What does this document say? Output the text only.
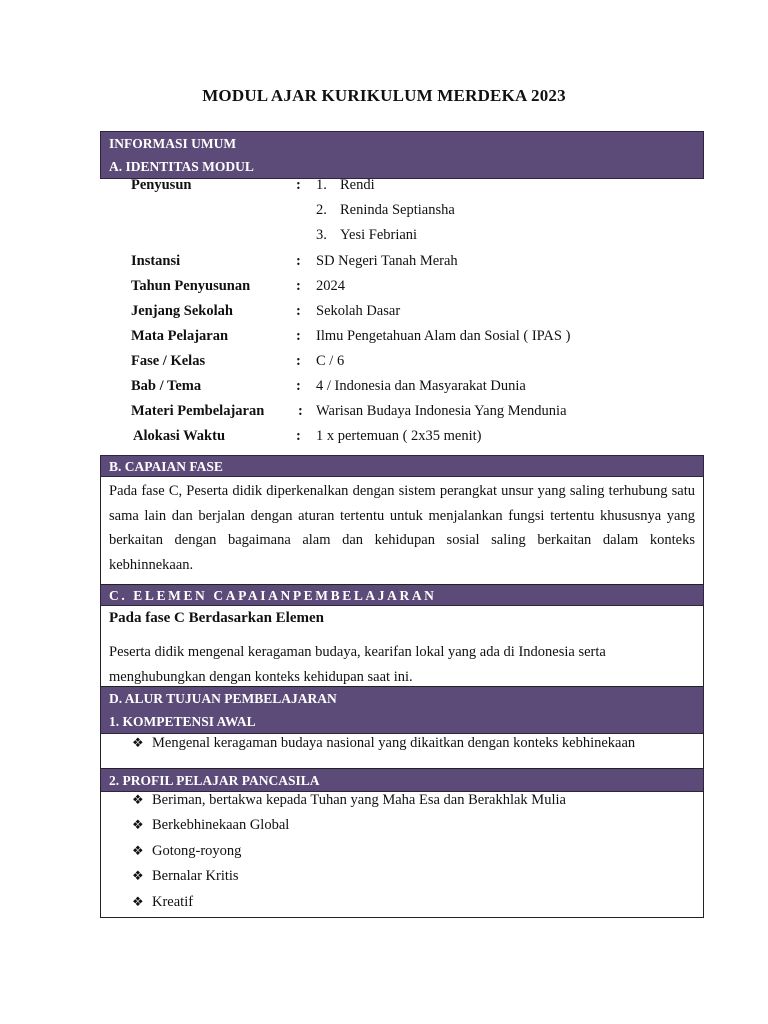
MODUL AJAR KURIKULUM MERDEKA 2023
INFORMASI UMUM
A. IDENTITAS MODUL
Penyusun	: 1. Rendi
2. Reninda Septiansha
3. Yesi Febriani
Instansi	: SD Negeri Tanah Merah
Tahun Penyusunan	: 2024
Jenjang Sekolah	: Sekolah Dasar
Mata Pelajaran	: Ilmu Pengetahuan Alam dan Sosial ( IPAS )
Fase / Kelas	: C / 6
Bab / Tema	: 4 / Indonesia dan Masyarakat Dunia
Materi Pembelajaran : Warisan Budaya Indonesia Yang Mendunia
Alokasi Waktu	: 1 x pertemuan ( 2x35 menit)
B. CAPAIAN FASE
Pada fase C, Peserta didik diperkenalkan dengan sistem perangkat unsur yang saling terhubung satu sama lain dan berjalan dengan aturan tertentu untuk menjalankan fungsi tertentu khususnya yang berkaitan dengan bagaimana alam dan kehidupan sosial saling berkaitan dalam konteks kebhinnekaan.
C. ELEMEN CAPAIANPEMBELAJARAN
Pada fase C Berdasarkan Elemen
Peserta didik mengenal keragaman budaya, kearifan lokal yang ada di Indonesia serta menghubungkan dengan konteks kehidupan saat ini.
D. ALUR TUJUAN PEMBELAJARAN
1. KOMPETENSI AWAL
❖ Mengenal keragaman budaya nasional yang dikaitkan dengan konteks kebhinekaan
2. PROFIL PELAJAR PANCASILA
❖ Beriman, bertakwa kepada Tuhan yang Maha Esa dan Berakhlak Mulia
❖ Berkebhinekaan Global
❖ Gotong-royong
❖ Bernalar Kritis
❖ Kreatif
